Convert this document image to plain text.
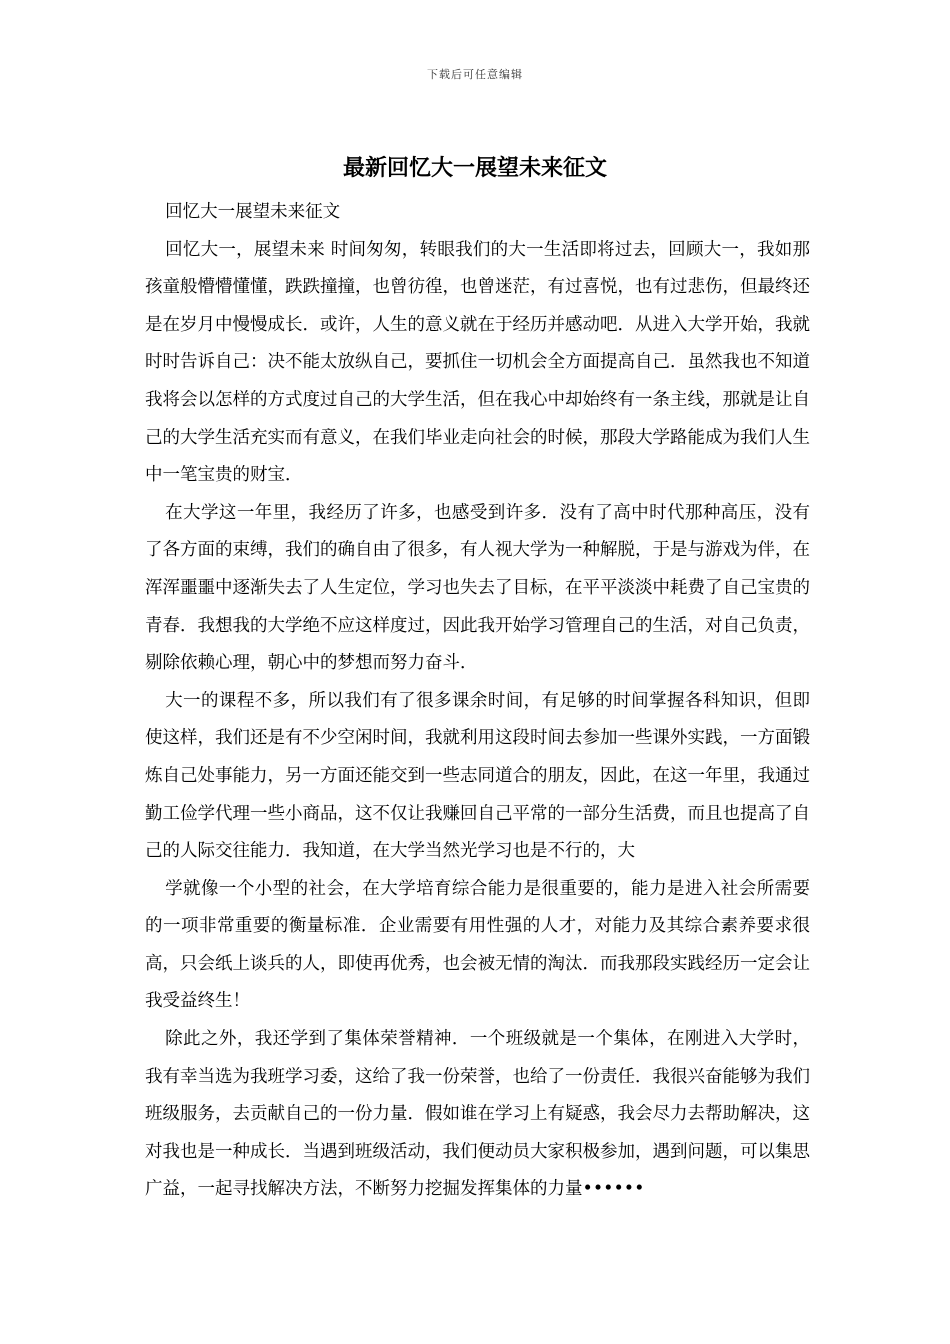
下载后可任意编辑
最新回忆大一展望未来征文

回忆大一展望未来征文

回忆大一，展望未来 时间匆匆，转眼我们的大一生活即将过去，回顾大一，我如那孩童般懵懵懂懂，跌跌撞撞，也曾彷徨，也曾迷茫，有过喜悦，也有过悲伤，但最终还是在岁月中慢慢成长．或许，人生的意义就在于经历并感动吧．从进入大学开始，我就时时告诉自己：决不能太放纵自己，要抓住一切机会全方面提高自己．虽然我也不知道我将会以怎样的方式度过自己的大学生活，但在我心中却始终有一条主线，那就是让自己的大学生活充实而有意义，在我们毕业走向社会的时候，那段大学路能成为我们人生中一笔宝贵的财宝．

在大学这一年里，我经历了许多，也感受到许多．没有了高中时代那种高压，没有了各方面的束缚，我们的确自由了很多，有人视大学为一种解脱，于是与游戏为伴，在浑浑噩噩中逐渐失去了人生定位，学习也失去了目标，在平平淡淡中耗费了自己宝贵的青春．我想我的大学绝不应这样度过，因此我开始学习管理自己的生活，对自己负责，剔除依赖心理，朝心中的梦想而努力奋斗．

大一的课程不多，所以我们有了很多课余时间，有足够的时间掌握各科知识，但即使这样，我们还是有不少空闲时间，我就利用这段时间去参加一些课外实践，一方面锻炼自己处事能力，另一方面还能交到一些志同道合的朋友，因此，在这一年里，我通过勤工俭学代理一些小商品，这不仅让我赚回自己平常的一部分生活费，而且也提高了自己的人际交往能力．我知道，在大学当然光学习也是不行的，大

学就像一个小型的社会，在大学培育综合能力是很重要的，能力是进入社会所需要的一项非常重要的衡量标准．企业需要有用性强的人才，对能力及其综合素养要求很高，只会纸上谈兵的人，即使再优秀，也会被无情的淘汰．而我那段实践经历一定会让我受益终生！

除此之外，我还学到了集体荣誉精神．一个班级就是一个集体，在刚进入大学时，我有幸当选为我班学习委，这给了我一份荣誉，也给了一份责任．我很兴奋能够为我们班级服务，去贡献自己的一份力量．假如谁在学习上有疑惑，我会尽力去帮助解决，这对我也是一种成长．当遇到班级活动，我们便动员大家积极参加，遇到问题，可以集思广益，一起寻找解决方法，不断努力挖掘发挥集体的力量••••••
